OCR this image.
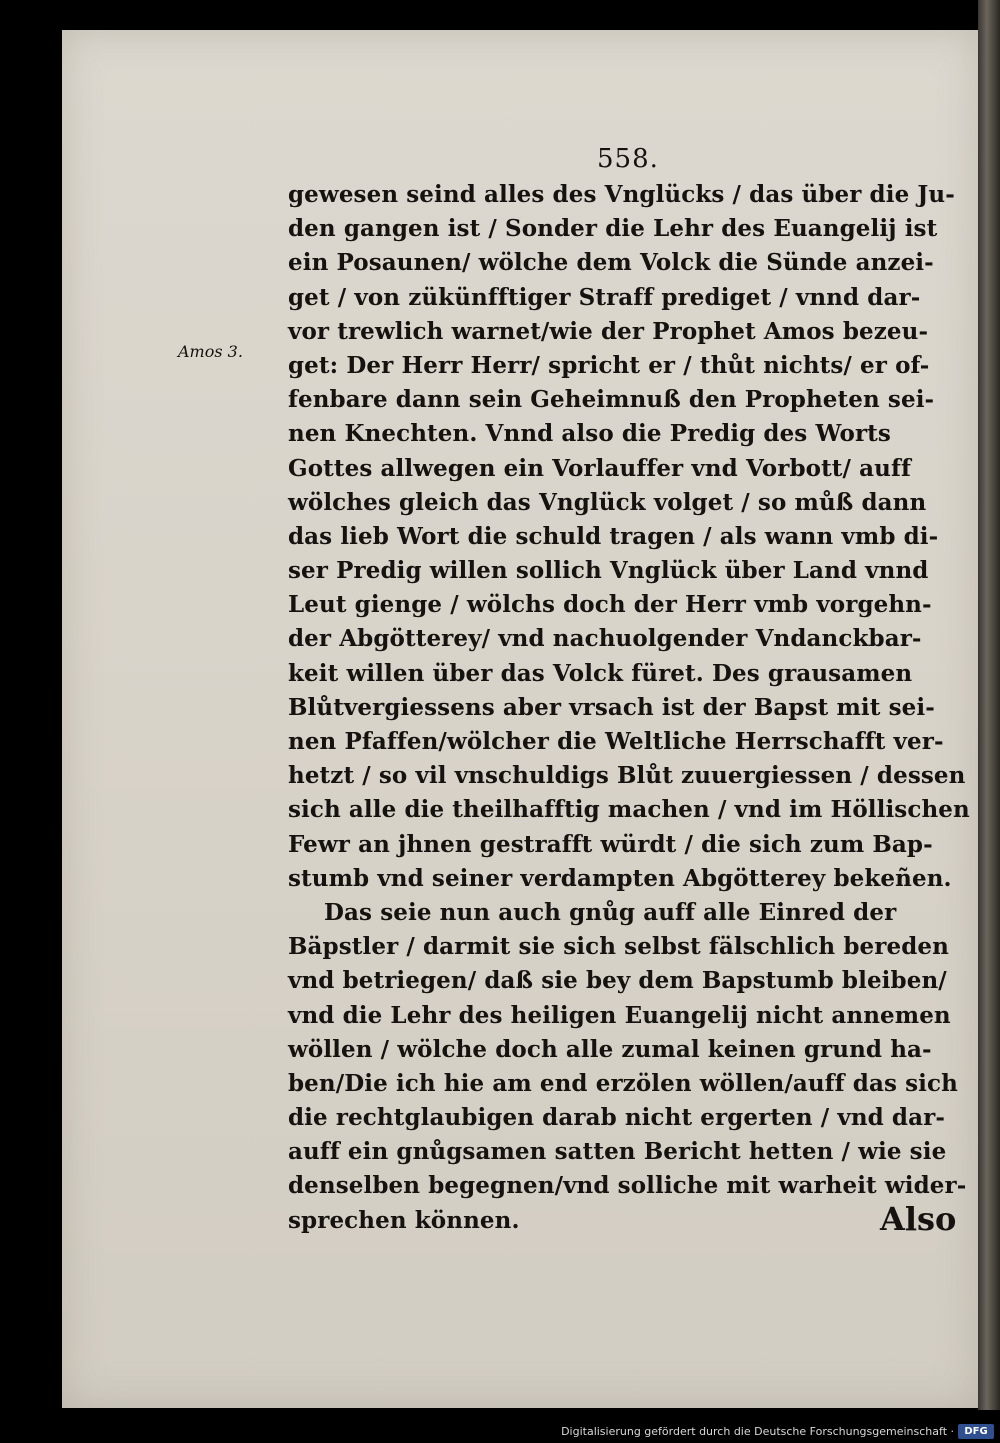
558.
Amos 3.
gewesen seind alles des Vnglücks / das über die Ju-
den gangen ist / Sonder die Lehr des Euangelij ist
ein Posaunen/ wölche dem Volck die Sünde anzei-
get / von zükünfftiger Straff prediget / vnnd dar-
vor trewlich warnet/wie der Prophet Amos bezeu-
get: Der Herr Herr/ spricht er / thůt nichts/ er of-
fenbare dann sein Geheimnuß den Propheten sei-
nen Knechten. Vnnd also die Predig des Worts
Gottes allwegen ein Vorlauffer vnd Vorbott/ auff
wölches gleich das Vnglück volget / so můß dann
das lieb Wort die schuld tragen / als wann vmb di-
ser Predig willen sollich Vnglück über Land vnnd
Leut gienge / wölchs doch der Herr vmb vorgehn-
der Abgötterey/ vnd nachuolgender Vndanckbar-
keit willen über das Volck füret. Des grausamen
Blůtvergiessens aber vrsach ist der Bapst mit sei-
nen Pfaffen/wölcher die Weltliche Herrschafft ver-
hetzt / so vil vnschuldigs Blůt zuuergiessen / dessen
sich alle die theilhafftig machen / vnd im Höllischen
Fewr an jhnen gestrafft würdt / die sich zum Bap-
stumb vnd seiner verdampten Abgötterey bekeñen.
Das seie nun auch gnůg auff alle Einred der
Bäpstler / darmit sie sich selbst fälschlich bereden
vnd betriegen/ daß sie bey dem Bapstumb bleiben/
vnd die Lehr des heiligen Euangelij nicht annemen
wöllen / wölche doch alle zumal keinen grund ha-
ben/Die ich hie am end erzölen wöllen/auff das sich
die rechtglaubigen darab nicht ergerten / vnd dar-
auff ein gnůgsamen satten Bericht hetten / wie sie
denselben begegnen/vnd solliche mit warheit wider-
sprechen können.	Also
Digitalisierung gefördert durch die Deutsche Forschungsgemeinschaft ·	DFG
